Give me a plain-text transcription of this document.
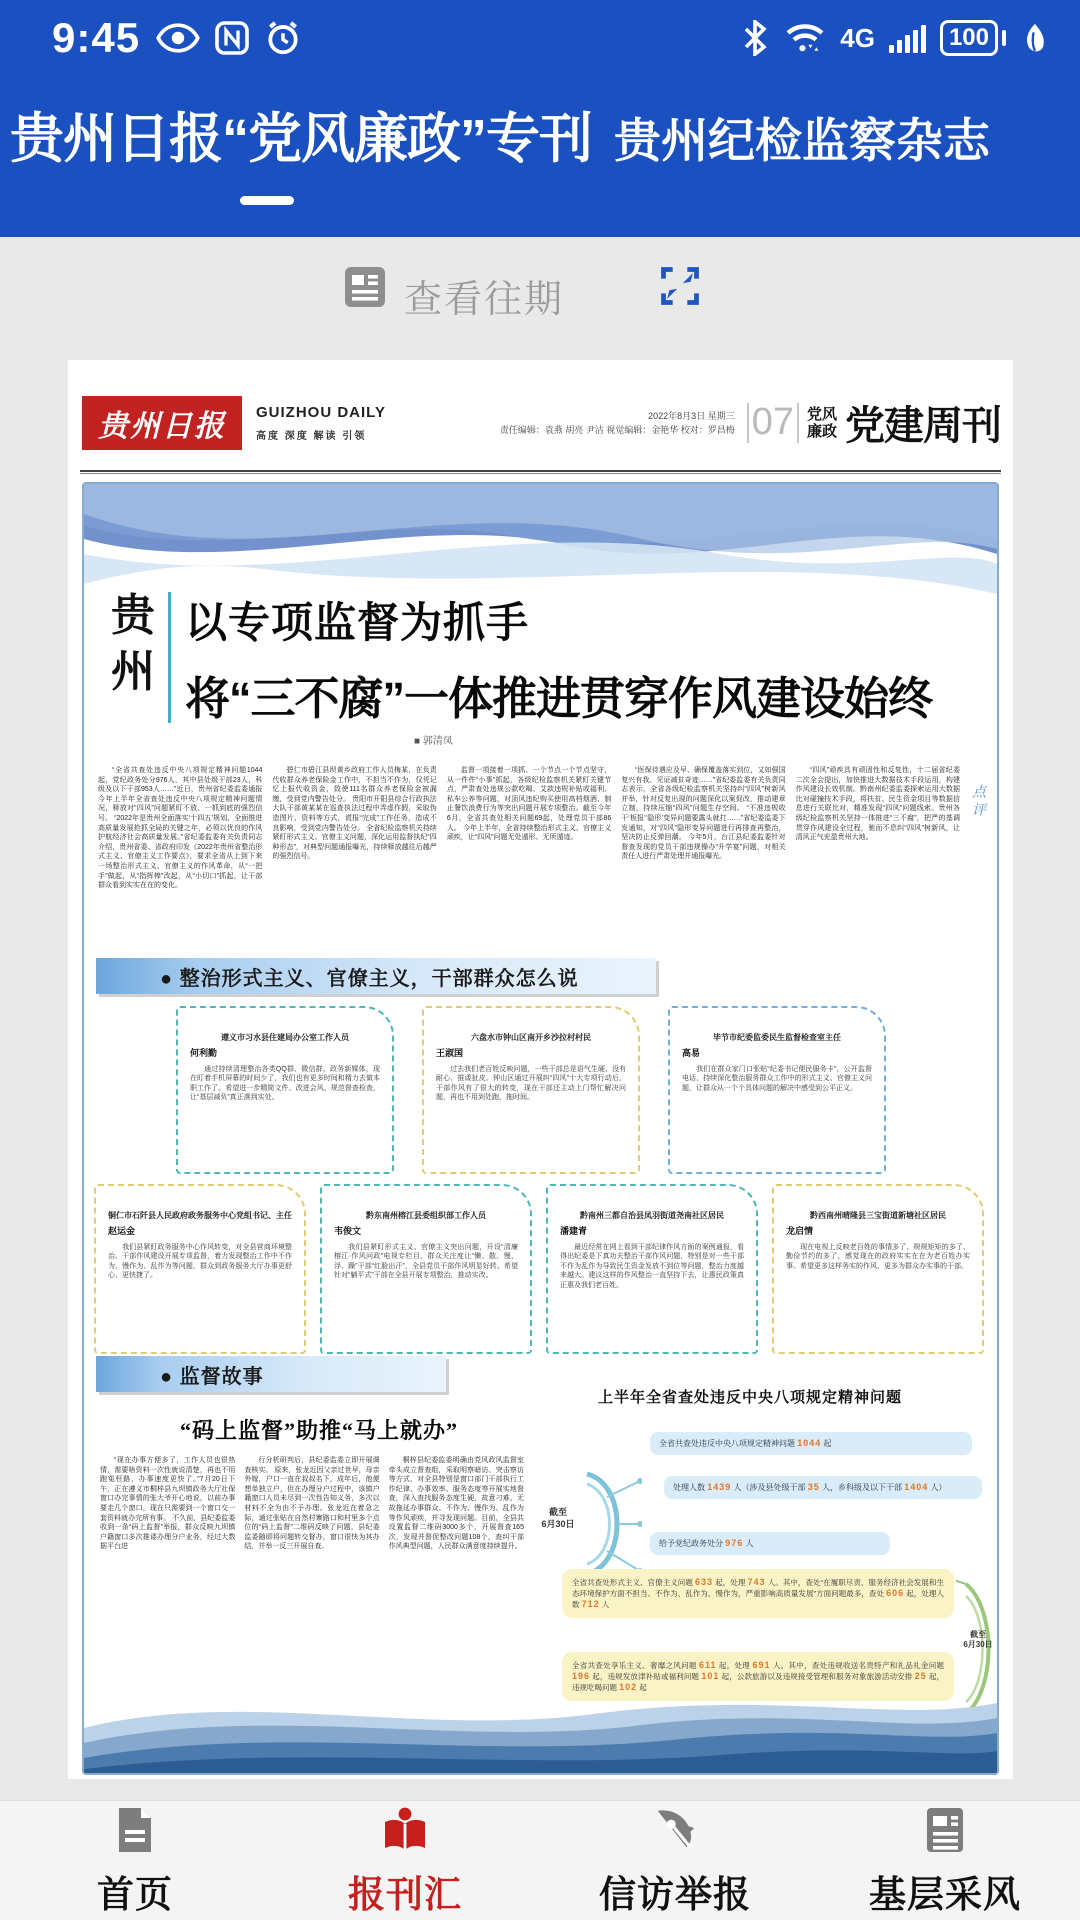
9:45	4G	100
贵州日报“党风廉政”专刊 贵州纪检监察杂志
查看往期
贵州日报	GUIZHOU DAILY
高度 深度 解读 引领
2022年8月3日 星期三
责任编辑：袁燕 胡亮 尹洁 视觉编辑：金艳华 校对：罗昌梅 07 党风
廉政 党建周刊
贵
州
以专项监督为抓手
将“三不腐”一体推进贯穿作风建设始终
■ 郭清凤

“全省共查处违反中央八项规定精神问题1044起，党纪政务处分976人，其中县处级干部23人，科级及以下干部953人……”近日，贵州省纪委监委通报今年上半年全省查处违反中央八项规定精神问题情况，释放对“四风”问题紧盯不放、一抓到底的强烈信号。 “2022年是贵州全面落实‘十四五’规划、全面推进高质量发展抢抓全局的关键之年，必须以优良的作风护航经济社会高质量发展。”省纪委监委有关负责同志介绍，贵州省委、省政府印发《2022年贵州省整治形式主义、官僚主义工作要点》，要求全省从上到下来一场整治形式主义、官僚主义的作风革命，从“一把手”做起，从“指挥棒”改起，从“小切口”抓起，让干部群众看到实实在在的变化。

碧仁市碧江县坝黄乡政府工作人员梅某，在负责代收群众养老保险金工作中，不担当不作为，仅凭记忆上报代收资金，致使111名群众养老保险金被漏缴，受到党内警告处分。 贵阳市开阳县综合行政执法大队干部黄某某在巡查执法过程中弄虚作假，采取伪造图片、资料等方式，谎报“完成”工作任务，造成不良影响，受到党内警告处分。 全省纪检监察机关持续紧盯形式主义、官僚主义问题，深化运用监督执纪“四种形态”，对典型问题通报曝光，持续释放越往后越严的强烈信号。

监督一项接着一项抓、一个节点一个节点坚守，从一件件“小事”抓起，各级纪检监察机关紧盯关键节点，严肃查处违规公款吃喝、艾款违规补贴或福利、私车公养等问题，对顶风违纪购买使用高档烟酒、制止餐饮浪费行为等突出问题开展专项整治。截至今年6月，全省共查处相关问题69起，处理党员干部86人。 今年上半年，全省持续整治形式主义、官僚主义顽疾，让“四风”问题无处遁形、无所遁迹。

“医保待遇应及早、确保覆盖落实到位，又如强国复兴有我、见证减贫奇迹……”省纪委监委有关负责同志表示，全省各级纪检监察机关坚持纠“四风”树新风并举，针对反复出现的问题深化以案促改，推动建章立制，持续压缩“四风”问题生存空间。 “不准违规收干‘板报’‘隐形’变异问题要露头就打……”省纪委监委下发通知，对“四风”隐形变异问题进行再排查再整治，坚决防止反弹回潮。 今年5月，台江县纪委监委针对督查发现的党员干部违规操办“升学宴”问题，对相关责任人进行严肃处理并通报曝光。

“四风”顽疾具有顽固性和反复性，十二届省纪委二次全会提出，加快推进大数据技术手段运用，构建作风建设长效机制。黔南州纪委监委探索运用大数据比对碰撞技术手段，将扶贫、民生资金项目等数据信息进行关联比对，精准发现“四风”问题线索。贵州各级纪检监察机关坚持一体推进“三不腐”，把严的基调贯穿作风建设全过程，驰而不息纠“四风”树新风，让清风正气充盈贵州大地。

点评
● 整治形式主义、官僚主义，干部群众怎么说
遵义市习水县住建局办公室工作人员
何利勤
通过持续清理整治各类QQ群、微信群、政务新媒体，现在盯着手机屏幕的时间少了，我们也有更多时间和精力去做本职工作了。希望进一步精简文件、改进会风、规范督查检查，让“基层减负”真正落到实处。
六盘水市钟山区南开乡沙拉村村民
王淑国
过去我们老百姓反映问题，一些干部总是语气生硬、没有耐心、推诿扯皮。钟山区通过开展纠“四风”十大专项行动后，干部作风有了很大的转变，现在干部还主动上门帮忙解决问题，再也不用到处跑、拖时间。
毕节市纪委监委民生监督检查室主任
高易
我们在群众家门口张贴“纪委书记便民服务卡”，公开监督电话，持续深化整治服务群众工作中的形式主义、官僚主义问题，让群众从一个个具体问题的解决中感受到公平正义。
铜仁市石阡县人民政府政务服务中心党组书记、主任
赵运金
我们县紧盯政务服务中心作风转变，对全县营商环境整治、干部作风建设开展专项监督，着力发现整治工作中不作为、慢作为、乱作为等问题，群众到政务服务大厅办事更舒心、更快捷了。
黔东南州榕江县委组织部工作人员
韦俊文
我们县紧盯形式主义、官僚主义突出问题，开设“清廉榕江·作风问政”电视专栏目，群众关注度让“懒、散、慢、浮、躁”干部“红脸出汗”，全县党员干部作风明显好转。希望针对“躺平式”干部在全县开展专项整治，推动实改。
黔南州三都自治县凤羽街道尧南社区居民
潘建青
最近经常在网上看到干部纪律作风方面的案例通报，看得出纪委是下真功夫整治干部作风问题，特别是对一些干部不作为乱作为导致民生资金发放不到位等问题，整治力度越来越大。建议这样的作风整治一直坚持下去，让惠民政策真正惠及我们老百姓。
黔西南州晴隆县三宝街道新塘社区居民
龙启情
现在电视上反映老百姓的事情多了、规规矩矩的多了、勤俭节约的多了，感觉现在的政府实实在在为老百姓办实事。希望更多这样务实的作风、更多为群众办实事的干部。
● 监督故事
“码上监督”助推“马上就办”

“现在办事方便多了，工作人员也很热情，需要啥资料一次性就说清楚，再也不用跑冤枉路，办事速度更快了。”7月20日下午，正在遵义市桐梓县九坝镇政务大厅社保窗口办完事情的张大爷开心地说，以前办事要走几个窗口，现在只需要到一个窗口交一套资料就办完所有事。 不久前，县纪委监委收到一条“码上监督”举报，群众反映九坝镇户籍窗口多次推诿办理分户业务，经过大数据平台进

行分析研判后，县纪委监委立即开展调查核实。 原来，张龙近因父亲过世早，母亲外嫁，户口一直在叔叔名下，成年后，他便想单独立户，但在办理分户过程中，该镇户籍窗口人员未尽到一次性告知义务，多次以材料不全为由不予办理。张龙近在着急之际，通过张贴在自然村寨路口和村里多个点位的“码上监督”二维码反映了问题，县纪委监委随即将问题转交督办，窗口很快为其办结，并举一反三开展自查。

桐梓县纪委监委明确由党风政风监督室牵头成立督查组，采取明察暗访、突击察访等方式，对全县特别是窗口部门干部执行工作纪律、办事效率、服务态度等开展实地督查，深入查找服务态度生硬、故意刁难、无故拖延办事群众、不作为、慢作为、乱作为等作风顽疾，并寻发现问题。目前，全县共设置监督二维码3000多个，开展督查165次，发现并督促整改问题108个，查纠干部作风典型问题，人民群众满意度持续提升。

上半年全省查处违反中央八项规定精神问题
截至
6月30日
全省共查处违反中央八项规定精神问题 1044 起
处理人数 1439 人（涉及县处级干部 35 人，乡科级及以下干部 1404 人）
给予党纪政务处分 976 人
全省共查处形式主义、官僚主义问题 633 起，处理 743 人。其中，查处“在履职尽责、服务经济社会发展和生态环境保护方面不担当、不作为、乱作为、慢作为，严重影响高质量发展”方面问题最多，查处 606 起，处理人数 712 人
全省共查处享乐主义、奢靡之风问题 611 起，处理 691 人。其中，查处违规收送名贵特产和礼品礼金问题 196 起，违规发放津补贴或福利问题 101 起，公款旅游以及违规接受管理和服务对象旅游活动安排 25 起，违规吃喝问题 102 起
截至
6月30日
首页	报刊汇	信访举报	基层采风
